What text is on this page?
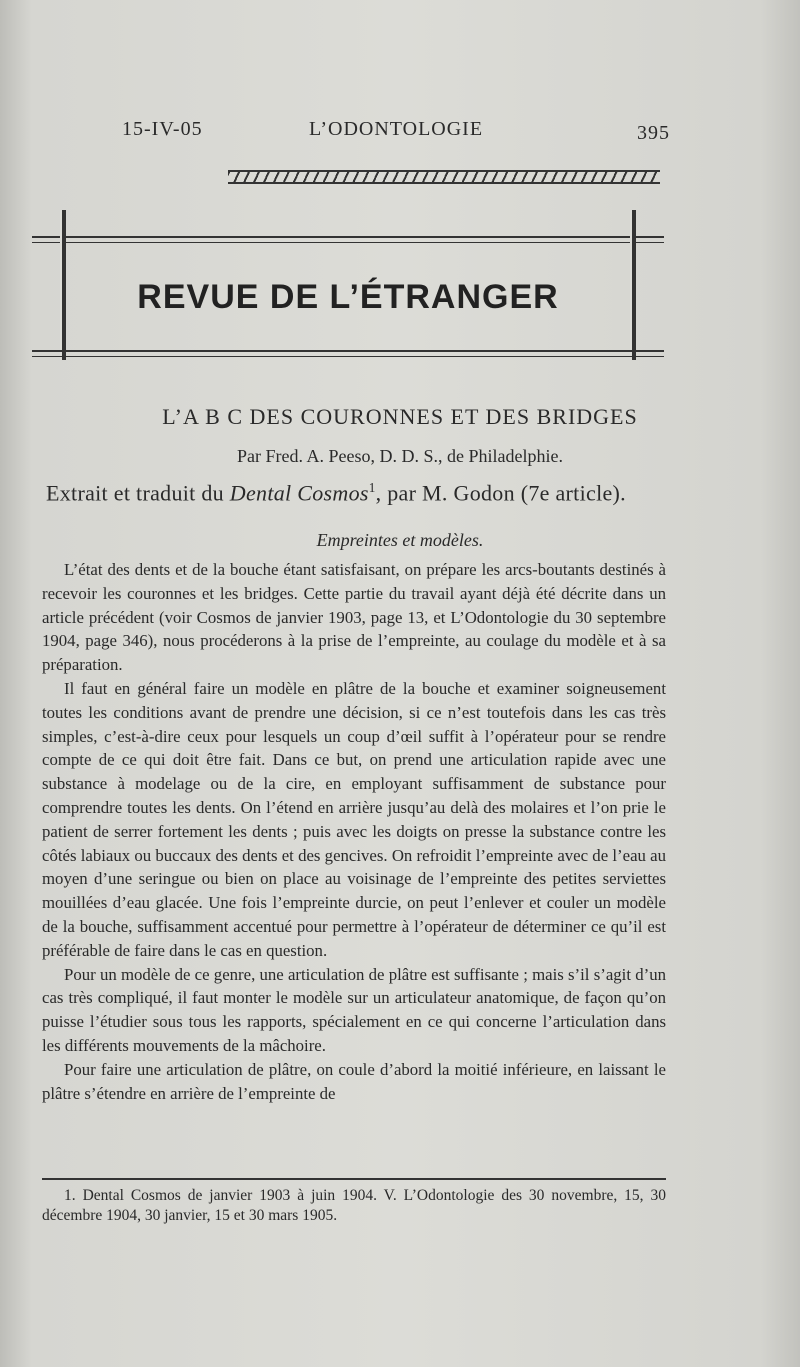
15-IV-05	L’ODONTOLOGIE	395
REVUE DE L’ÉTRANGER
L’A B C DES COURONNES ET DES BRIDGES
Par Fred. A. Peeso, D. D. S., de Philadelphie.
Extrait et traduit du Dental Cosmos$^1$, par M. Godon (7e article).
Empreintes et modèles.

L’état des dents et de la bouche étant satisfaisant, on prépare les arcs-boutants destinés à recevoir les couronnes et les bridges. Cette partie du travail ayant déjà été décrite dans un article précédent (voir Cosmos de janvier 1903, page 13, et L’Odontologie du 30 septembre 1904, page 346), nous procéderons à la prise de l’empreinte, au coulage du modèle et à sa préparation.

Il faut en général faire un modèle en plâtre de la bouche et examiner soigneusement toutes les conditions avant de prendre une décision, si ce n’est toutefois dans les cas très simples, c’est-à-dire ceux pour lesquels un coup d’œil suffit à l’opérateur pour se rendre compte de ce qui doit être fait. Dans ce but, on prend une articulation rapide avec une substance à modelage ou de la cire, en employant suffisamment de substance pour comprendre toutes les dents. On l’étend en arrière jusqu’au delà des molaires et l’on prie le patient de serrer fortement les dents ; puis avec les doigts on presse la substance contre les côtés labiaux ou buccaux des dents et des gencives. On refroidit l’empreinte avec de l’eau au moyen d’une seringue ou bien on place au voisinage de l’empreinte des petites serviettes mouillées d’eau glacée. Une fois l’empreinte durcie, on peut l’enlever et couler un modèle de la bouche, suffisamment accentué pour permettre à l’opérateur de déterminer ce qu’il est préférable de faire dans le cas en question.

Pour un modèle de ce genre, une articulation de plâtre est suffisante ; mais s’il s’agit d’un cas très compliqué, il faut monter le modèle sur un articulateur anatomique, de façon qu’on puisse l’étudier sous tous les rapports, spécialement en ce qui concerne l’articulation dans les différents mouvements de la mâchoire.

Pour faire une articulation de plâtre, on coule d’abord la moitié inférieure, en laissant le plâtre s’étendre en arrière de l’empreinte de

1. Dental Cosmos de janvier 1903 à juin 1904. V. L’Odontologie des 30 novembre, 15, 30 décembre 1904, 30 janvier, 15 et 30 mars 1905.
